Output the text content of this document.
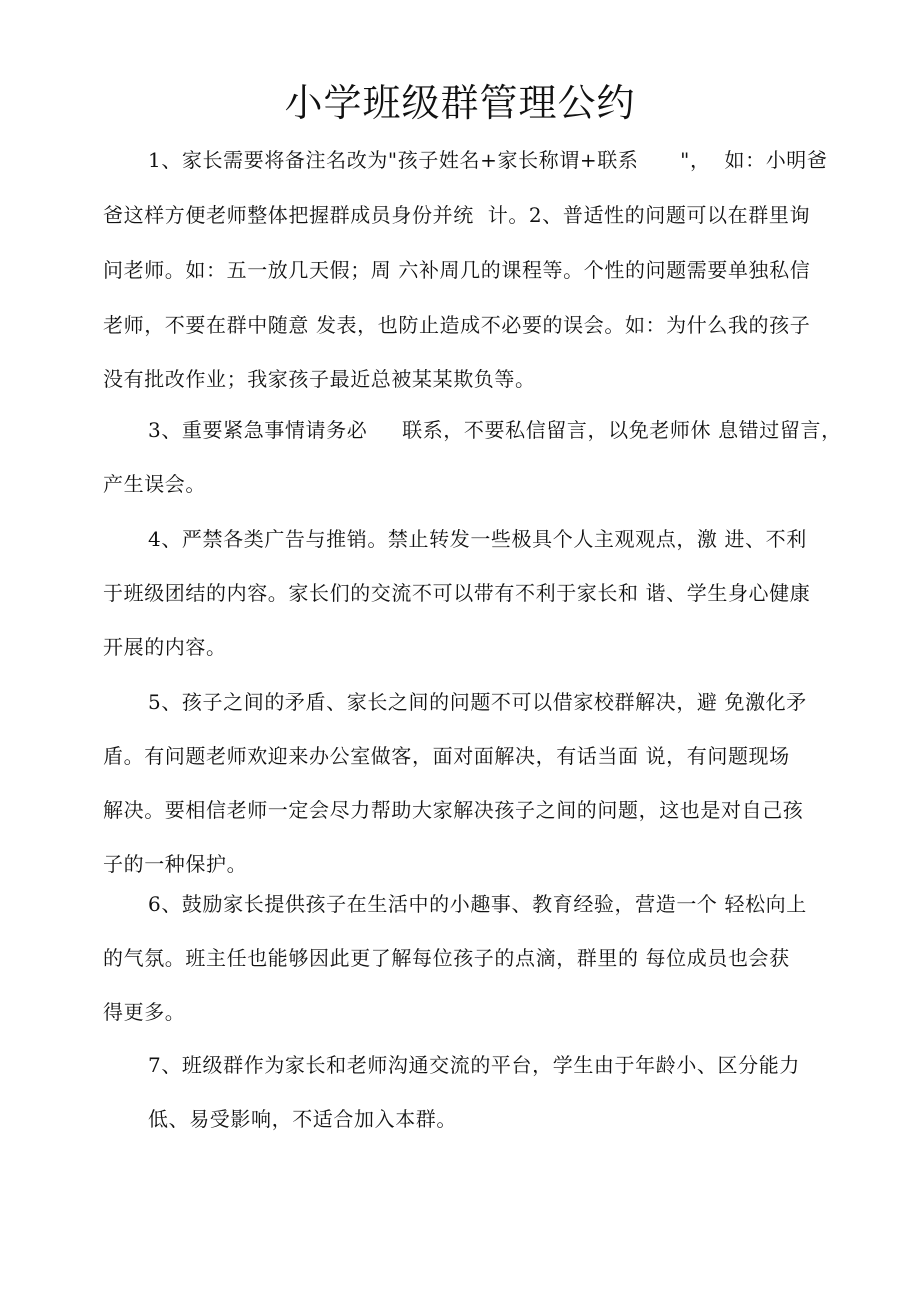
小学班级群管理公约
1、家长需要将备注名改为"孩子姓名+家长称谓+联系      "，  如：小明爸
爸这样方便老师整体把握群成员身份并统  计。2、普适性的问题可以在群里询
问老师。如：五一放几天假；周 六补周几的课程等。个性的问题需要单独私信
老师，不要在群中随意 发表，也防止造成不必要的误会。如：为什么我的孩子
没有批改作业；我家孩子最近总被某某欺负等。
3、重要紧急事情请务必     联系，不要私信留言，以免老师休 息错过留言，
产生误会。
4、严禁各类广告与推销。禁止转发一些极具个人主观观点，激 进、不利
于班级团结的内容。家长们的交流不可以带有不利于家长和 谐、学生身心健康
开展的内容。
5、孩子之间的矛盾、家长之间的问题不可以借家校群解决，避 免激化矛
盾。有问题老师欢迎来办公室做客，面对面解决，有话当面 说，有问题现场
解决。要相信老师一定会尽力帮助大家解决孩子之间的问题，这也是对自己孩
子的一种保护。
6、鼓励家长提供孩子在生活中的小趣事、教育经验，营造一个 轻松向上
的气氛。班主任也能够因此更了解每位孩子的点滴，群里的 每位成员也会获
得更多。
7、班级群作为家长和老师沟通交流的平台，学生由于年龄小、区分能力
低、易受影响，不适合加入本群。
